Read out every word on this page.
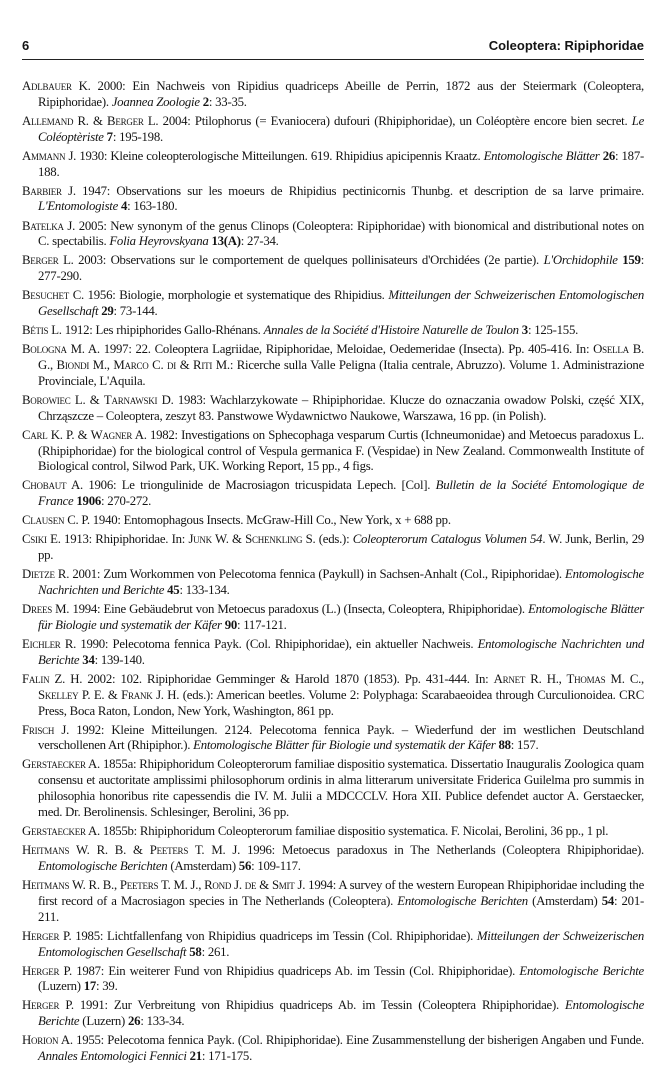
6	Coleoptera: Ripiphoridae
Adlbauer K. 2000: Ein Nachweis von Ripidius quadriceps Abeille de Perrin, 1872 aus der Steiermark (Coleoptera, Ripiphoridae). Joannea Zoologie 2: 33-35.
Allemand R. & Berger L. 2004: Ptilophorus (= Evaniocera) dufouri (Rhipiphoridae), un Coléoptère encore bien secret. Le Coléoptèriste 7: 195-198.
Ammann J. 1930: Kleine coleopterologische Mitteilungen. 619. Rhipidius apicipennis Kraatz. Entomologische Blätter 26: 187-188.
Barbier J. 1947: Observations sur les moeurs de Rhipidius pectinicornis Thunbg. et description de sa larve primaire. L'Entomologiste 4: 163-180.
Batelka J. 2005: New synonym of the genus Clinops (Coleoptera: Ripiphoridae) with bionomical and distributional notes on C. spectabilis. Folia Heyrovskyana 13(A): 27-34.
Berger L. 2003: Observations sur le comportement de quelques pollinisateurs d'Orchidées (2e partie). L'Orchidophile 159: 277-290.
Besuchet C. 1956: Biologie, morphologie et systematique des Rhipidius. Mitteilungen der Schweizerischen Entomologischen Gesellschaft 29: 73-144.
Bétis L. 1912: Les rhipiphorides Gallo-Rhénans. Annales de la Société d'Histoire Naturelle de Toulon 3: 125-155.
Bologna M. A. 1997: 22. Coleoptera Lagriidae, Ripiphoridae, Meloidae, Oedemeridae (Insecta). Pp. 405-416. In: Osella B. G., Biondi M., Marco C. di & Riti M.: Ricerche sulla Valle Peligna (Italia centrale, Abruzzo). Volume 1. Administrazione Provinciale, L'Aquila.
Borowiec L. & Tarnawski D. 1983: Wachlarzykowate – Rhipiphoridae. Klucze do oznaczania owadow Polski, część XIX, Chrząszcze – Coleoptera, zeszyt 83. Panstwowe Wydawnictwo Naukowe, Warszawa, 16 pp. (in Polish).
Carl K. P. & Wagner A. 1982: Investigations on Sphecophaga vesparum Curtis (Ichneumonidae) and Metoecus paradoxus L. (Rhipiphoridae) for the biological control of Vespula germanica F. (Vespidae) in New Zealand. Commonwealth Institute of Biological control, Silwod Park, UK. Working Report, 15 pp., 4 figs.
Chobaut A. 1906: Le triongulinide de Macrosiagon tricuspidata Lepech. [Col]. Bulletin de la Société Entomologique de France 1906: 270-272.
Clausen C. P. 1940: Entomophagous Insects. McGraw-Hill Co., New York, x + 688 pp.
Csiki E. 1913: Rhipiphoridae. In: Junk W. & Schenkling S. (eds.): Coleopterorum Catalogus Volumen 54. W. Junk, Berlin, 29 pp.
Dietze R. 2001: Zum Workommen von Pelecotoma fennica (Paykull) in Sachsen-Anhalt (Col., Ripiphoridae). Entomologische Nachrichten und Berichte 45: 133-134.
Drees M. 1994: Eine Gebäudebrut von Metoecus paradoxus (L.) (Insecta, Coleoptera, Rhipiphoridae). Entomologische Blätter für Biologie und systematik der Käfer 90: 117-121.
Eichler R. 1990: Pelecotoma fennica Payk. (Col. Rhipiphoridae), ein aktueller Nachweis. Entomologische Nachrichten und Berichte 34: 139-140.
Falin Z. H. 2002: 102. Ripiphoridae Gemminger & Harold 1870 (1853). Pp. 431-444. In: Arnet R. H., Thomas M. C., Skelley P. E. & Frank J. H. (eds.): American beetles. Volume 2: Polyphaga: Scarabaeoidea through Curculionoidea. CRC Press, Boca Raton, London, New York, Washington, 861 pp.
Frisch J. 1992: Kleine Mitteilungen. 2124. Pelecotoma fennica Payk. – Wiederfund der im westlichen Deutschland verschollenen Art (Rhipiphor.). Entomologische Blätter für Biologie und systematik der Käfer 88: 157.
Gerstaecker A. 1855a: Rhipiphoridum Coleopterorum familiae dispositio systematica. Dissertatio Inauguralis Zoologica quam consensu et auctoritate amplissimi philosophorum ordinis in alma litterarum universitate Friderica Guilelma pro summis in philosophia honoribus rite capessendis die IV. M. Julii a MDCCCLV. Hora XII. Publice defendet auctor A. Gerstaecker, med. Dr. Berolinensis. Schlesinger, Berolini, 36 pp.
Gerstaecker A. 1855b: Rhipiphoridum Coleopterorum familiae dispositio systematica. F. Nicolai, Berolini, 36 pp., 1 pl.
Heitmans W. R. B. & Peeters T. M. J. 1996: Metoecus paradoxus in The Netherlands (Coleoptera Rhipiphoridae). Entomologische Berichten (Amsterdam) 56: 109-117.
Heitmans W. R. B., Peeters T. M. J., Rond J. de & Smit J. 1994: A survey of the western European Rhipiphoridae including the first record of a Macrosiagon species in The Netherlands (Coleoptera). Entomologische Berichten (Amsterdam) 54: 201-211.
Herger P. 1985: Lichtfallenfang von Rhipidius quadriceps im Tessin (Col. Rhipiphoridae). Mitteilungen der Schweizerischen Entomologischen Gesellschaft 58: 261.
Herger P. 1987: Ein weiterer Fund von Rhipidius quadriceps Ab. im Tessin (Col. Rhipiphoridae). Entomologische Berichte (Luzern) 17: 39.
Herger P. 1991: Zur Verbreitung von Rhipidius quadriceps Ab. im Tessin (Coleoptera Rhipiphoridae). Entomologische Berichte (Luzern) 26: 133-34.
Horion A. 1955: Pelecotoma fennica Payk. (Col. Rhipiphoridae). Eine Zusammenstellung der bisherigen Angaben und Funde. Annales Entomologici Fennici 21: 171-175.
